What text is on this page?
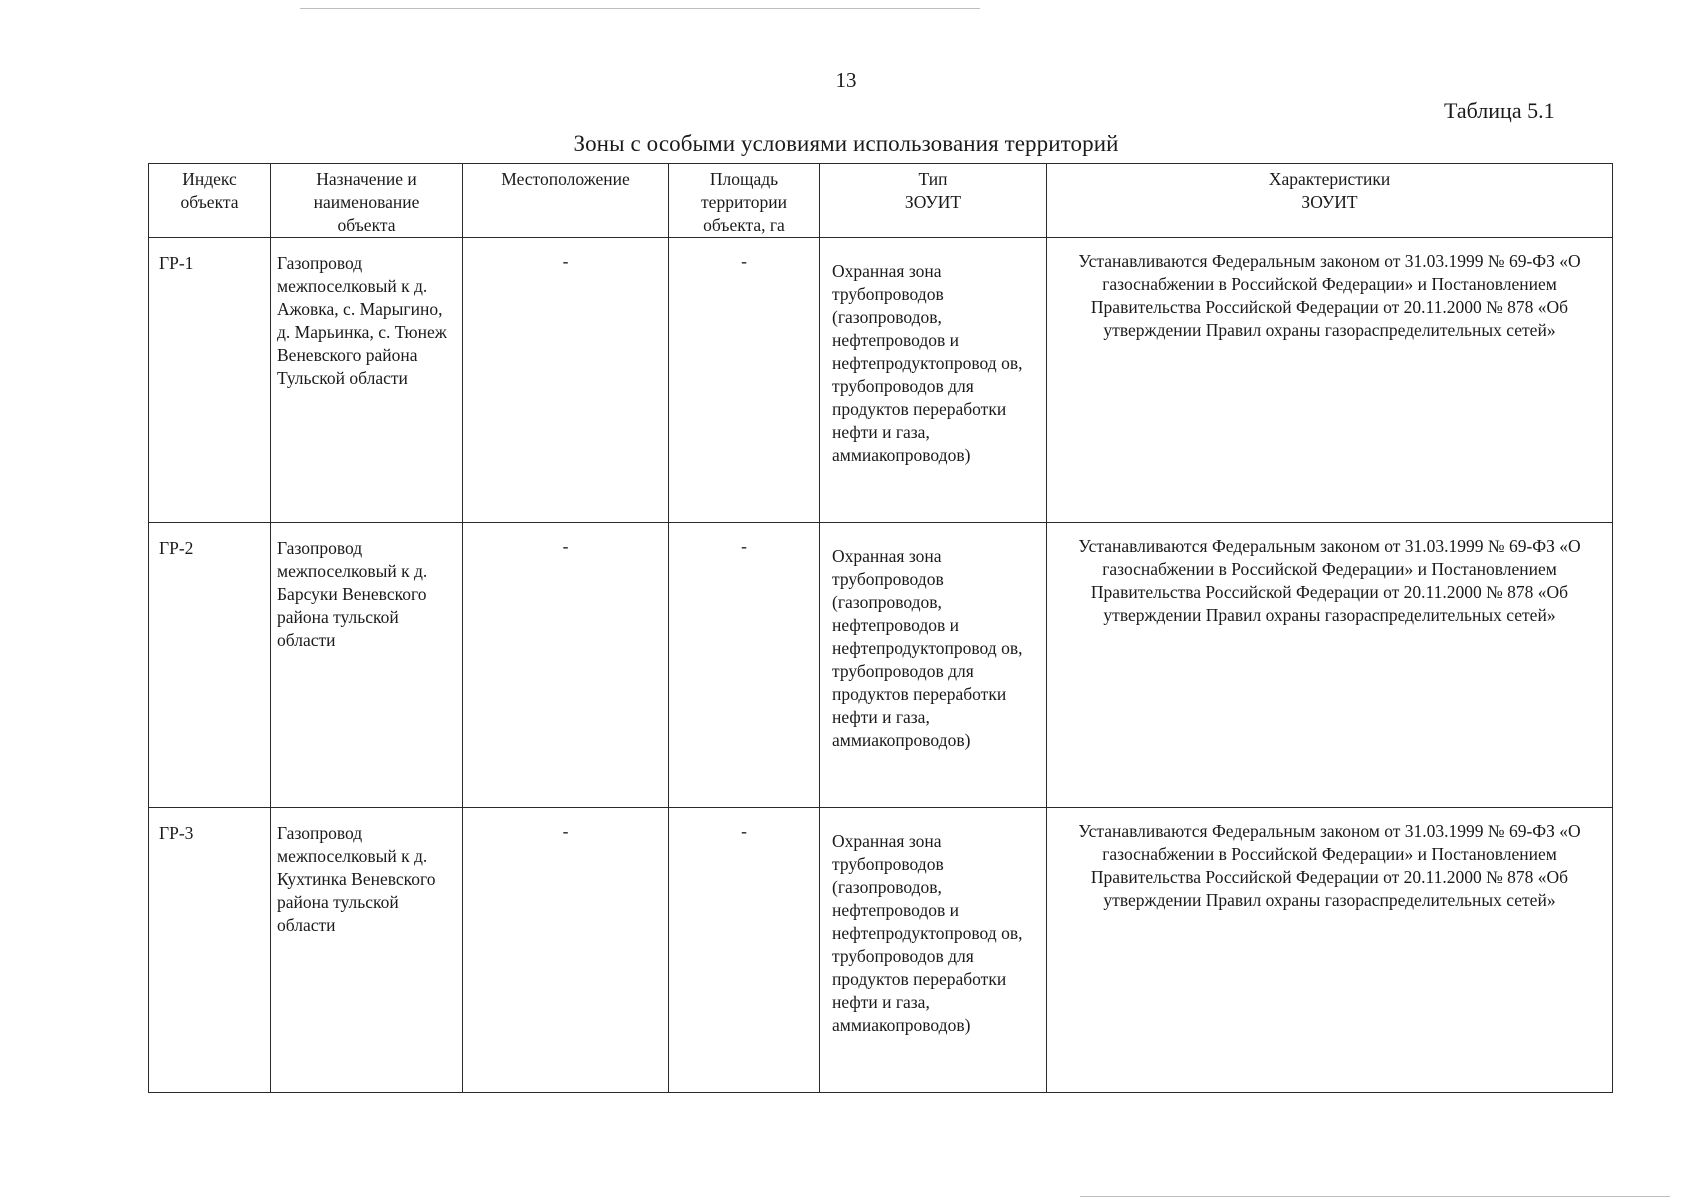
13
Таблица 5.1
Зоны с особыми условиями использования территорий
Индекс объекта	Назначение и наименование объекта	Местоположение	Площадь территории объекта, га	Тип ЗОУИТ	Характеристики ЗОУИТ
ГР-1	Газопровод межпоселковый к д. Ажовка, с. Марыгино, д. Марьинка, с. Тюнеж Веневского района Тульской области	-	-	Охранная зона трубопроводов (газопроводов, нефтепроводов и нефтепродуктопровод ов, трубопроводов для продуктов переработки нефти и газа, аммиакопроводов)	Устанавливаются Федеральным законом от 31.03.1999 № 69-ФЗ «О газоснабжении в Российской Федерации» и Постановлением Правительства Российской Федерации от 20.11.2000 № 878 «Об утверждении Правил охраны газораспределительных сетей»
ГР-2	Газопровод межпоселковый к д. Барсуки Веневского района тульской области	-	-	Охранная зона трубопроводов (газопроводов, нефтепроводов и нефтепродуктопровод ов, трубопроводов для продуктов переработки нефти и газа, аммиакопроводов)	Устанавливаются Федеральным законом от 31.03.1999 № 69-ФЗ «О газоснабжении в Российской Федерации» и Постановлением Правительства Российской Федерации от 20.11.2000 № 878 «Об утверждении Правил охраны газораспределительных сетей»
ГР-3	Газопровод межпоселковый к д. Кухтинка Веневского района тульской области	-	-	Охранная зона трубопроводов (газопроводов, нефтепроводов и нефтепродуктопровод ов, трубопроводов для продуктов переработки нефти и газа, аммиакопроводов)	Устанавливаются Федеральным законом от 31.03.1999 № 69-ФЗ «О газоснабжении в Российской Федерации» и Постановлением Правительства Российской Федерации от 20.11.2000 № 878 «Об утверждении Правил охраны газораспределительных сетей»
